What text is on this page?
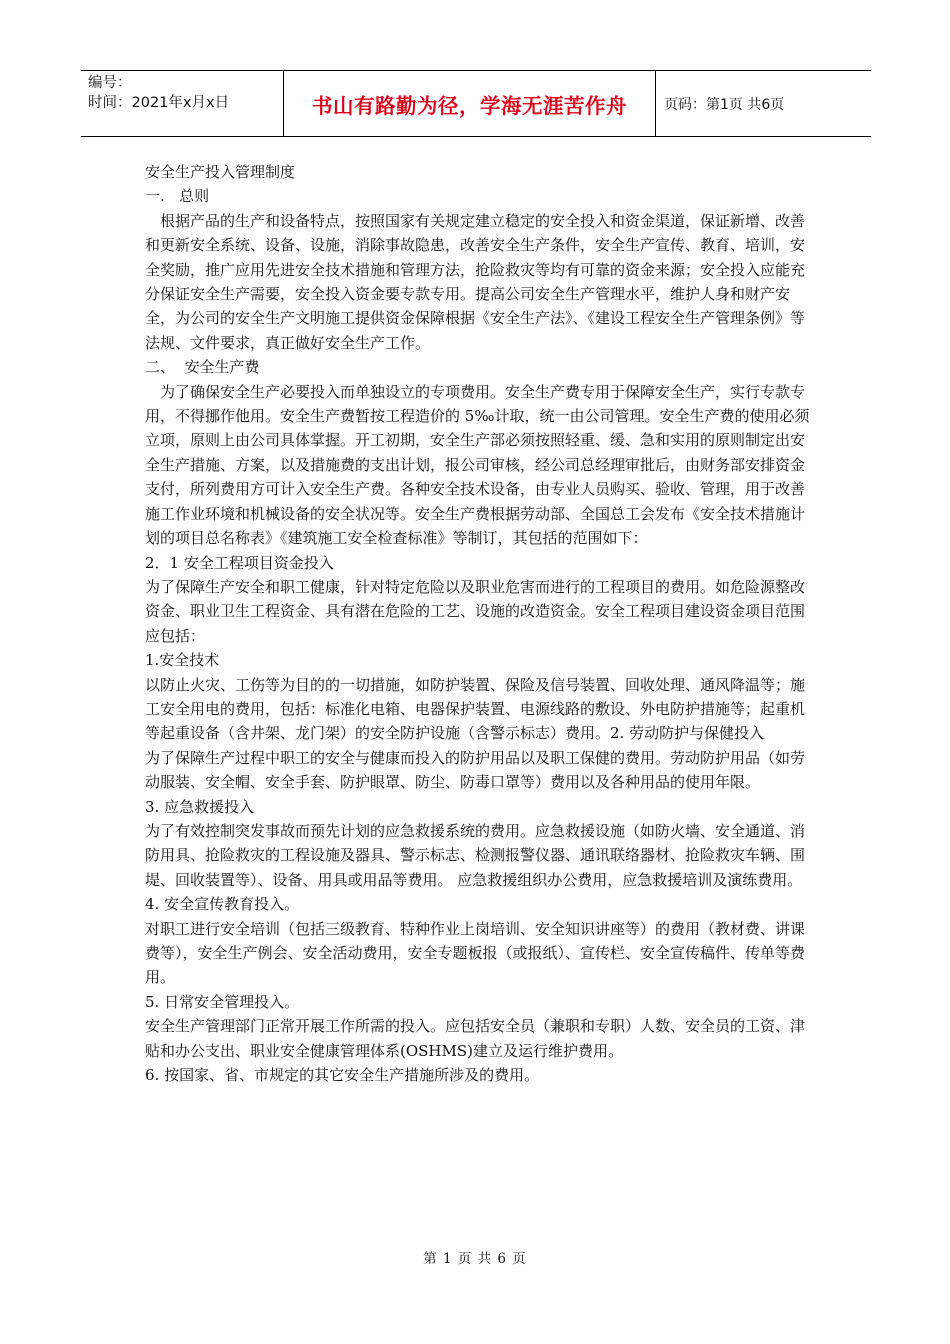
编号：
时间：2021年x月x日	书山有路勤为径，学海无涯苦作舟	页码：第1页 共6页

安全生产投入管理制度

一.   总则

根据产品的生产和设备特点，按照国家有关规定建立稳定的安全投入和资金渠道，保证新增、改善和更新安全系统、设备、设施，消除事故隐患，改善安全生产条件，安全生产宣传、教育、培训，安全奖励，推广应用先进安全技术措施和管理方法，抢险救灾等均有可靠的资金来源；安全投入应能充分保证安全生产需要，安全投入资金要专款专用。提高公司安全生产管理水平，维护人身和财产安全，为公司的安全生产文明施工提供资金保障根据《安全生产法》、《建设工程安全生产管理条例》等法规、文件要求，真正做好安全生产工作。

二、  安全生产费

为了确保安全生产必要投入而单独设立的专项费用。安全生产费专用于保障安全生产，实行专款专用，不得挪作他用。安全生产费暂按工程造价的 5‰计取，统一由公司管理。安全生产费的使用必须立项，原则上由公司具体掌握。开工初期，安全生产部必须按照轻重、缓、急和实用的原则制定出安全生产措施、方案，以及措施费的支出计划，报公司审核，经公司总经理审批后，由财务部安排资金支付，所列费用方可计入安全生产费。各种安全技术设备，由专业人员购买、验收、管理，用于改善施工作业环境和机械设备的安全状况等。安全生产费根据劳动部、全国总工会发布《安全技术措施计划的项目总名称表》《建筑施工安全检查标准》等制订，其包括的范围如下：

2．1 安全工程项目资金投入

为了保障生产安全和职工健康，针对特定危险以及职业危害而进行的工程项目的费用。如危险源整改资金、职业卫生工程资金、具有潜在危险的工艺、设施的改造资金。安全工程项目建设资金项目范围应包括：

1.安全技术

以防止火灾、工伤等为目的的一切措施，如防护装置、保险及信号装置、回收处理、通风降温等；施工安全用电的费用，包括：标准化电箱、电器保护装置、电源线路的敷设、外电防护措施等；起重机等起重设备（含井架、龙门架）的安全防护设施（含警示标志）费用。2. 劳动防护与保健投入

为了保障生产过程中职工的安全与健康而投入的防护用品以及职工保健的费用。劳动防护用品（如劳动服装、安全帽、安全手套、防护眼罩、防尘、防毒口罩等）费用以及各种用品的使用年限。

3. 应急救援投入

为了有效控制突发事故而预先计划的应急救援系统的费用。应急救援设施（如防火墙、安全通道、消防用具、抢险救灾的工程设施及器具、警示标志、检测报警仪器、通讯联络器材、抢险救灾车辆、围堤、回收装置等）、设备、用具或用品等费用。 应急救援组织办公费用，应急救援培训及演练费用。

4. 安全宣传教育投入。

对职工进行安全培训（包括三级教育、特种作业上岗培训、安全知识讲座等）的费用（教材费、讲课费等），安全生产例会、安全活动费用，安全专题板报（或报纸）、宣传栏、安全宣传稿件、传单等费用。

5. 日常安全管理投入。

安全生产管理部门正常开展工作所需的投入。应包括安全员（兼职和专职）人数、安全员的工资、津贴和办公支出、职业安全健康管理体系(OSHMS)建立及运行维护费用。

6. 按国家、省、市规定的其它安全生产措施所涉及的费用。

第 1 页 共 6 页
